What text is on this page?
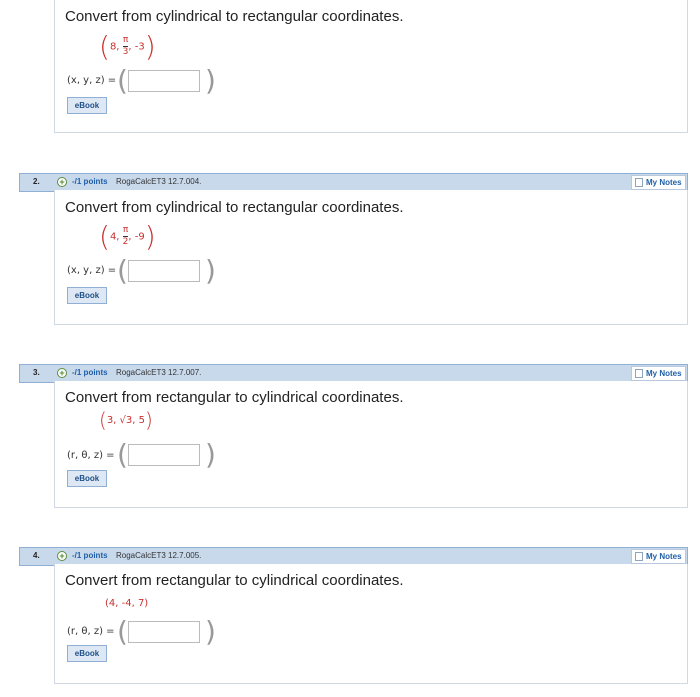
Convert from cylindrical to rectangular coordinates.
(8, $\frac{\pi}{3}$ , -3)
(x, y, z) = (	)
eBook
2. + -/1 points RogaCalcET3 12.7.004.	My Notes
Convert from cylindrical to rectangular coordinates.
(4, $\frac{\pi}{2}$ , -9)
(x, y, z) = (	)
eBook
3. + -/1 points RogaCalcET3 12.7.007.	My Notes
Convert from rectangular to cylindrical coordinates.
(3, √3, 5)
(r, θ, z) = (	)
eBook
4. + -/1 points RogaCalcET3 12.7.005.	My Notes
Convert from rectangular to cylindrical coordinates.
(4, -4, 7)
(r, θ, z) = (	)
eBook
